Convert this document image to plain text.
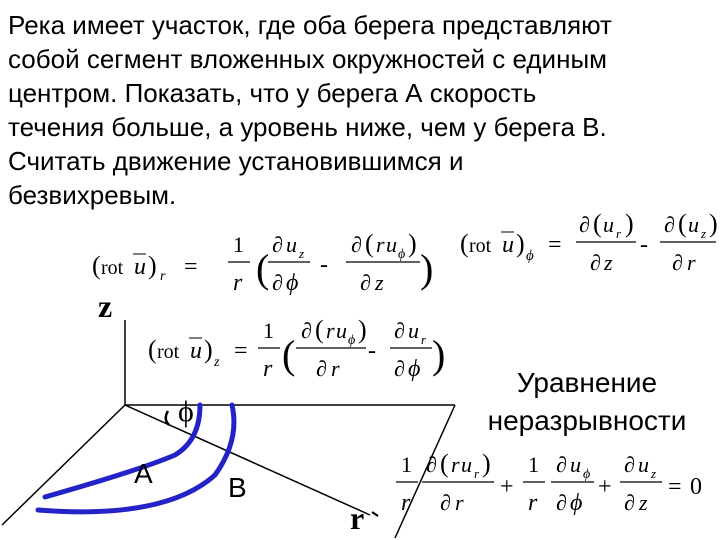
Река имеет участок, где оба берега представляют
собой сегмент вложенных окружностей с единым
центром. Показать, что у берега А скорость
течения больше, а уровень ниже, чем у берега В.
Считать движение установившимся и
безвихревым.
( rot u ) r =
1
r (
∂ u z
∂ ϕ
-
∂ ( r u ϕ )
∂ z )
( rot u ) ϕ =
∂ ( u r )
∂ z
-
∂ ( u z )
∂ r
( rot u ) z =
1
r (
∂ ( r u ϕ )
∂ r
-
∂ u r
∂ ϕ )
1
r
∂ ( r u r )
∂ r
+
1
r
∂ u ϕ
∂ ϕ
+
∂ u z
∂ z
= 0
z
r
ϕ
A	B
Уравнение
неразрывности
